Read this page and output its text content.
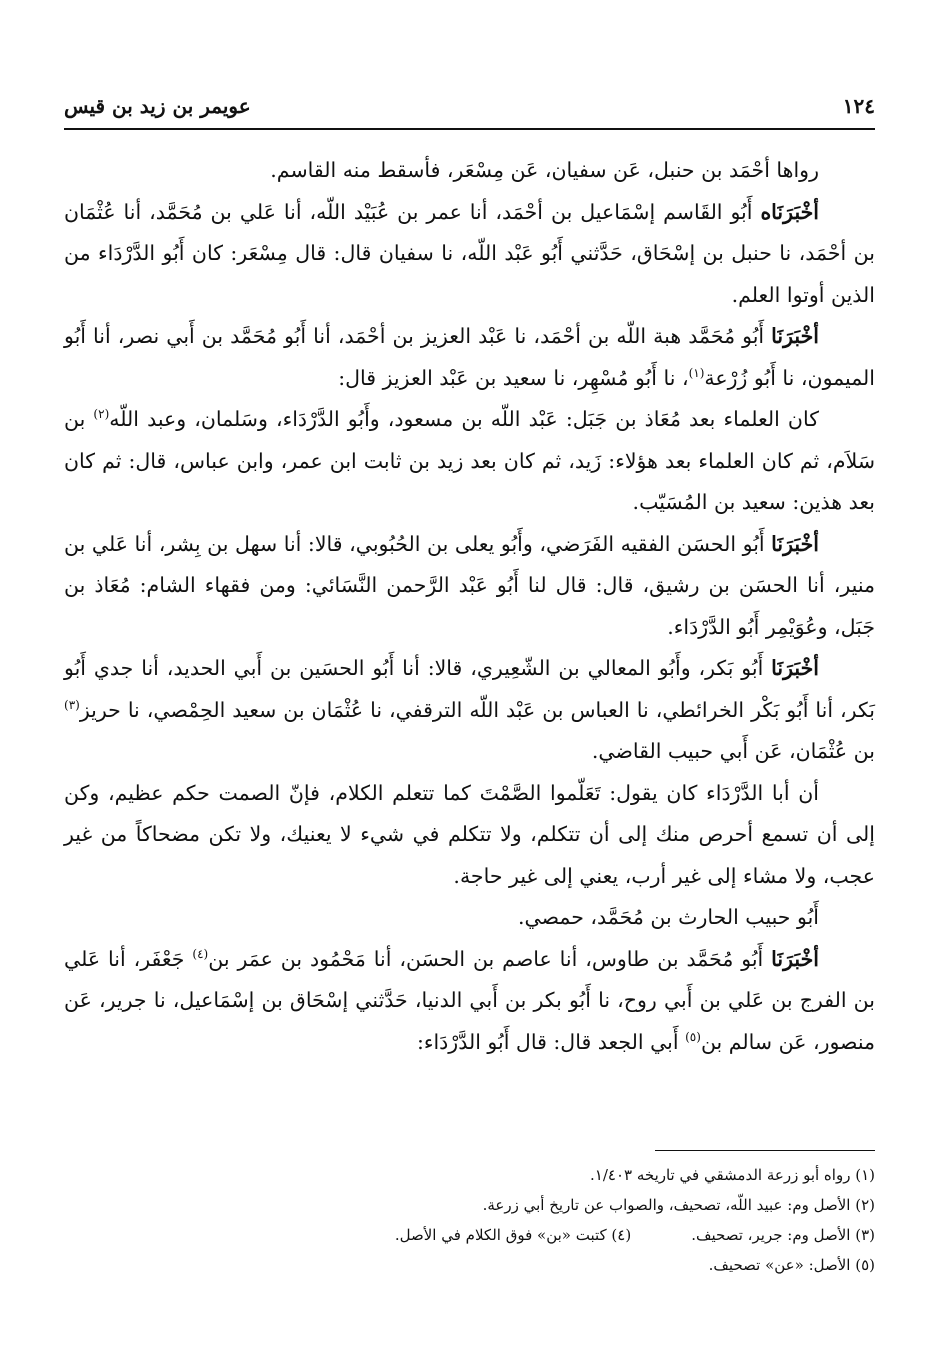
١٢٤
عويمر بن زيد بن قيس

رواها أحْمَد بن حنبل، عَن سفيان، عَن مِسْعَر، فأسقط منه القاسم.

أخْبَرَنَاه أَبُو القَاسم إسْمَاعيل بن أحْمَد، أنا عمر بن عُبَيْد اللّه، أنا عَلي بن مُحَمَّد، أنا عُثْمَان بن أحْمَد، نا حنبل بن إسْحَاق، حَدَّثني أَبُو عَبْد اللّه، نا سفيان قال: قال مِسْعَر: كان أَبُو الدَّرْدَاء من الذين أوتوا العلم.

أخْبَرَنَا أَبُو مُحَمَّد هبة اللّه بن أحْمَد، نا عَبْد العزيز بن أحْمَد، أنا أَبُو مُحَمَّد بن أَبي نصر، أنا أَبُو الميمون، نا أَبُو زُرْعة$^{(١)}$، نا أَبُو مُسْهِر، نا سعيد بن عَبْد العزيز قال:

كان العلماء بعد مُعَاذ بن جَبَل: عَبْد اللّه بن مسعود، وأَبُو الدَّرْدَاء، وسَلمان، وعبد اللّه$^{(٢)}$ بن سَلاَم، ثم كان العلماء بعد هؤلاء: زَيد، ثم كان بعد زيد بن ثابت ابن عمر، وابن عباس، قال: ثم كان بعد هذين: سعيد بن المُسَيّب.

أخْبَرَنَا أَبُو الحسَن الفقيه الفَرَضي، وأَبُو يعلى بن الحُبُوبي، قالا: أنا سهل بن بِشر، أنا عَلي بن منير، أنا الحسَن بن رشيق، قال: قال لنا أَبُو عَبْد الرَّحمن النَّسَائي: ومن فقهاء الشام: مُعَاذ بن جَبَل، وعُوَيْمِر أَبُو الدَّرْدَاء.

أخْبَرَنَا أَبُو بَكر، وأَبُو المعالي بن الشّعِيري، قالا: أنا أَبُو الحسَين بن أَبي الحديد، أنا جدي أَبُو بَكر، أنا أَبُو بَكْر الخرائطي، نا العباس بن عَبْد اللّه الترقفي، نا عُثْمَان بن سعيد الحِمْصي، نا حريز$^{(٣)}$ بن عُثْمَان، عَن أَبي حبيب القاضي.

أن أبا الدَّرْدَاء كان يقول: تَعَلّموا الصَّمْتَ كما تتعلم الكلام، فإنّ الصمت حكم عظيم، وكن إلى أن تسمع أحرص منك إلى أن تتكلم، ولا تتكلم في شيء لا يعنيك، ولا تكن مضحاكاً من غير عجب، ولا مشاء إلى غير أرب، يعني إلى غير حاجة.

أَبُو حبيب الحارث بن مُحَمَّد، حمصي.

أخْبَرَنَا أَبُو مُحَمَّد بن طاوس، أنا عاصم بن الحسَن، أنا مَحْمُود بن عمَر بن$^{(٤)}$ جَعْفَر، أنا عَلي بن الفرج بن عَلي بن أَبي روح، نا أَبُو بكر بن أَبي الدنيا، حَدَّثني إسْحَاق بن إسْمَاعيل، نا جرير، عَن منصور، عَن سالم بن$^{(٥)}$ أَبي الجعد قال: قال أَبُو الدَّرْدَاء:

(١) رواه أبو زرعة الدمشقي في تاريخه ١/٤٠٣.
(٢) الأصل وم: عبيد اللّه، تصحيف، والصواب عن تاريخ أبي زرعة.
(٣) الأصل وم: جرير، تصحيف.
(٤) كتبت «بن» فوق الكلام في الأصل.
(٥) الأصل: «عن» تصحيف.
